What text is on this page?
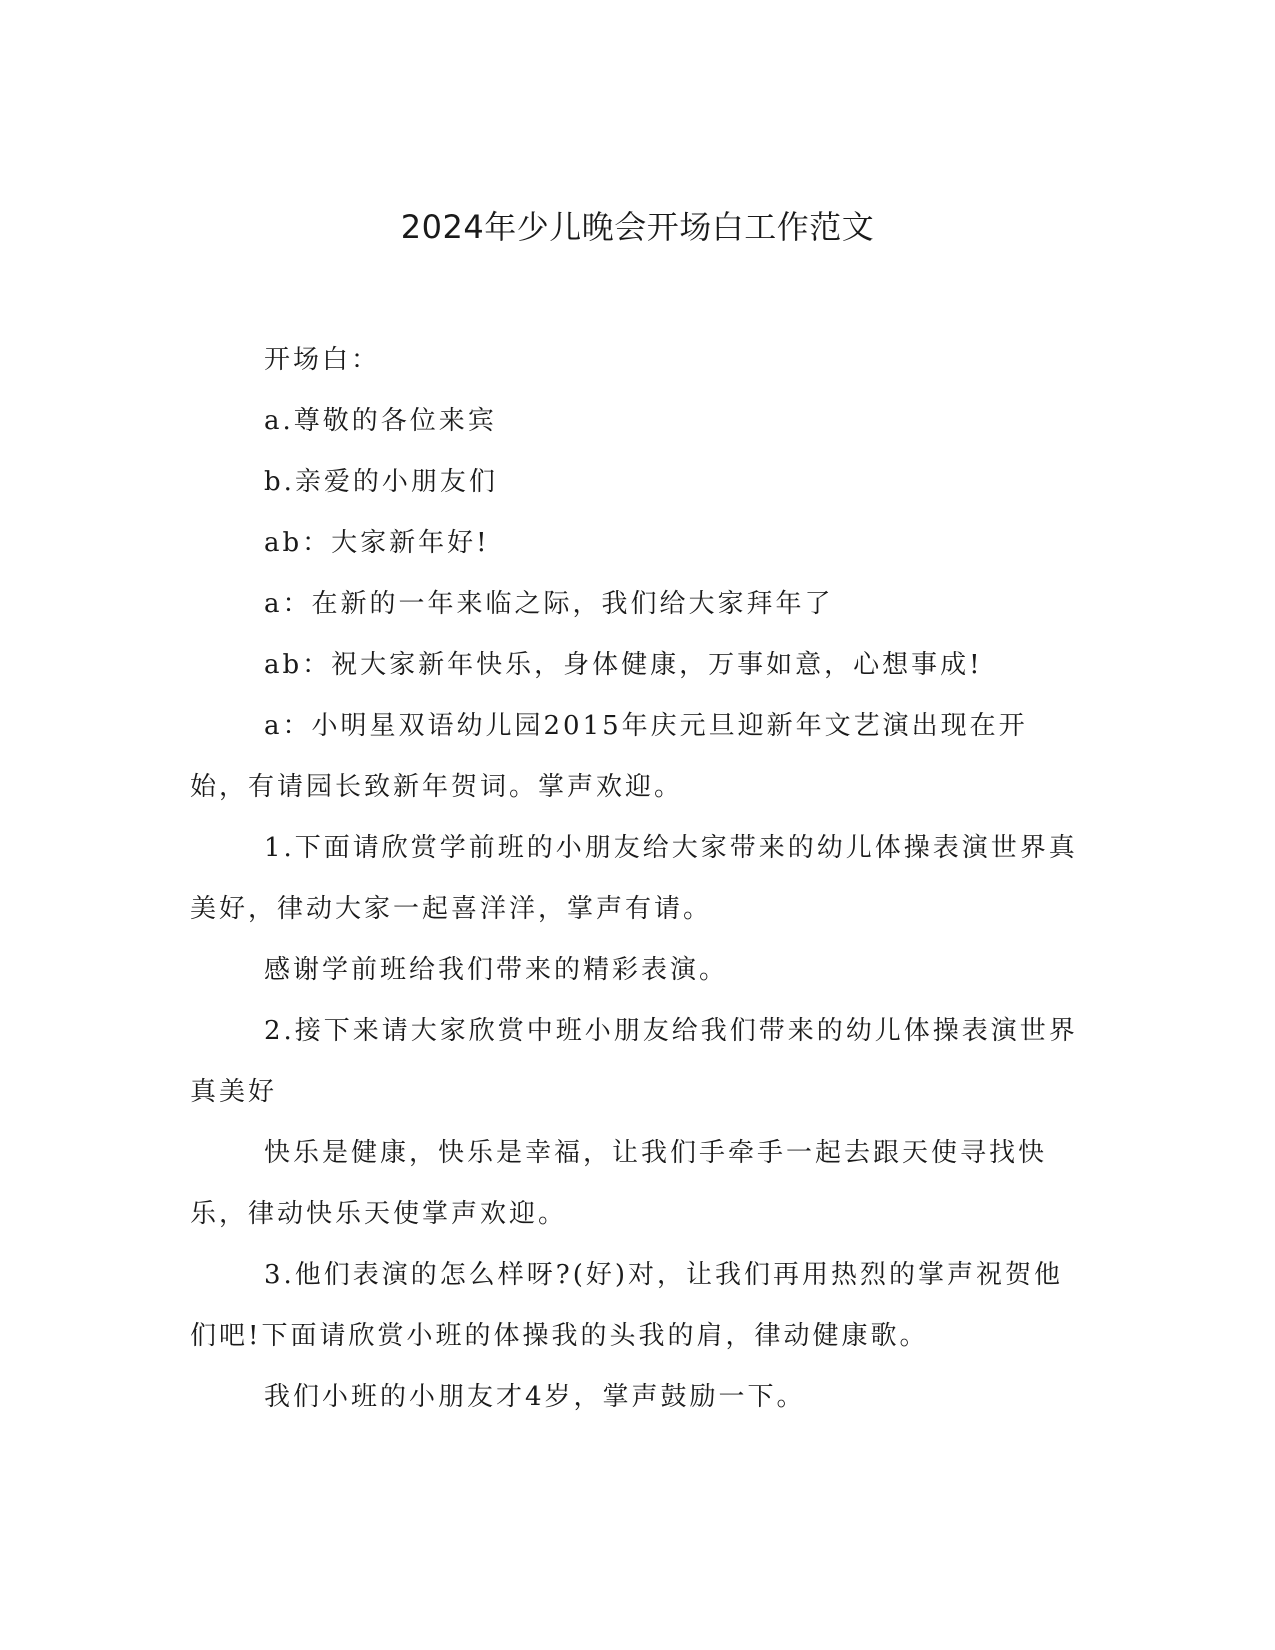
2024年少儿晚会开场白工作范文

开场白：

a.尊敬的各位来宾

b.亲爱的小朋友们

ab：大家新年好!

a：在新的一年来临之际，我们给大家拜年了

ab：祝大家新年快乐，身体健康，万事如意，心想事成!

a：小明星双语幼儿园2015年庆元旦迎新年文艺演出现在开始，有请园长致新年贺词。掌声欢迎。

1.下面请欣赏学前班的小朋友给大家带来的幼儿体操表演世界真美好，律动大家一起喜洋洋，掌声有请。

感谢学前班给我们带来的精彩表演。

2.接下来请大家欣赏中班小朋友给我们带来的幼儿体操表演世界真美好

快乐是健康，快乐是幸福，让我们手牵手一起去跟天使寻找快乐，律动快乐天使掌声欢迎。

3.他们表演的怎么样呀?(好)对，让我们再用热烈的掌声祝贺他们吧!下面请欣赏小班的体操我的头我的肩，律动健康歌。

我们小班的小朋友才4岁，掌声鼓励一下。
